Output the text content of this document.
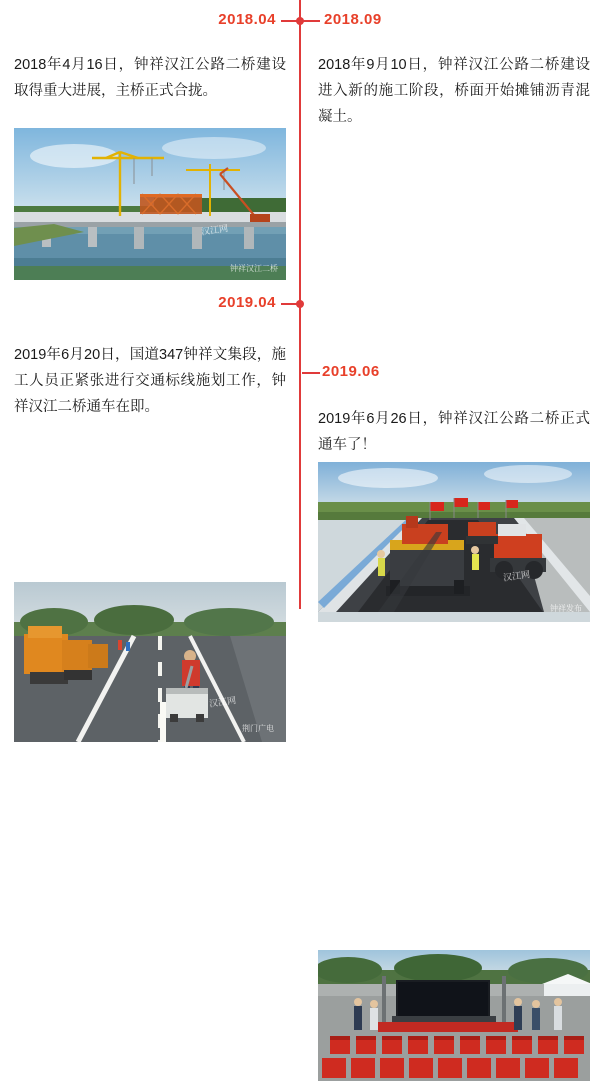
2018.04	2018.09
2019.04
2019.06
2018年4月16日，钟祥汉江公路二桥建设取得重大进展，主桥正式合拢。
汉江网
钟祥汉江二桥
2019年6月20日，国道347钟祥文集段，施工人员正紧张进行交通标线施划工作，钟祥汉江二桥通车在即。
汉江网
荆门广电
2018年9月10日，钟祥汉江公路二桥建设进入新的施工阶段，桥面开始摊铺沥青混凝土。
汉江网
钟祥发布
2019年6月26日，钟祥汉江公路二桥正式通车了！
